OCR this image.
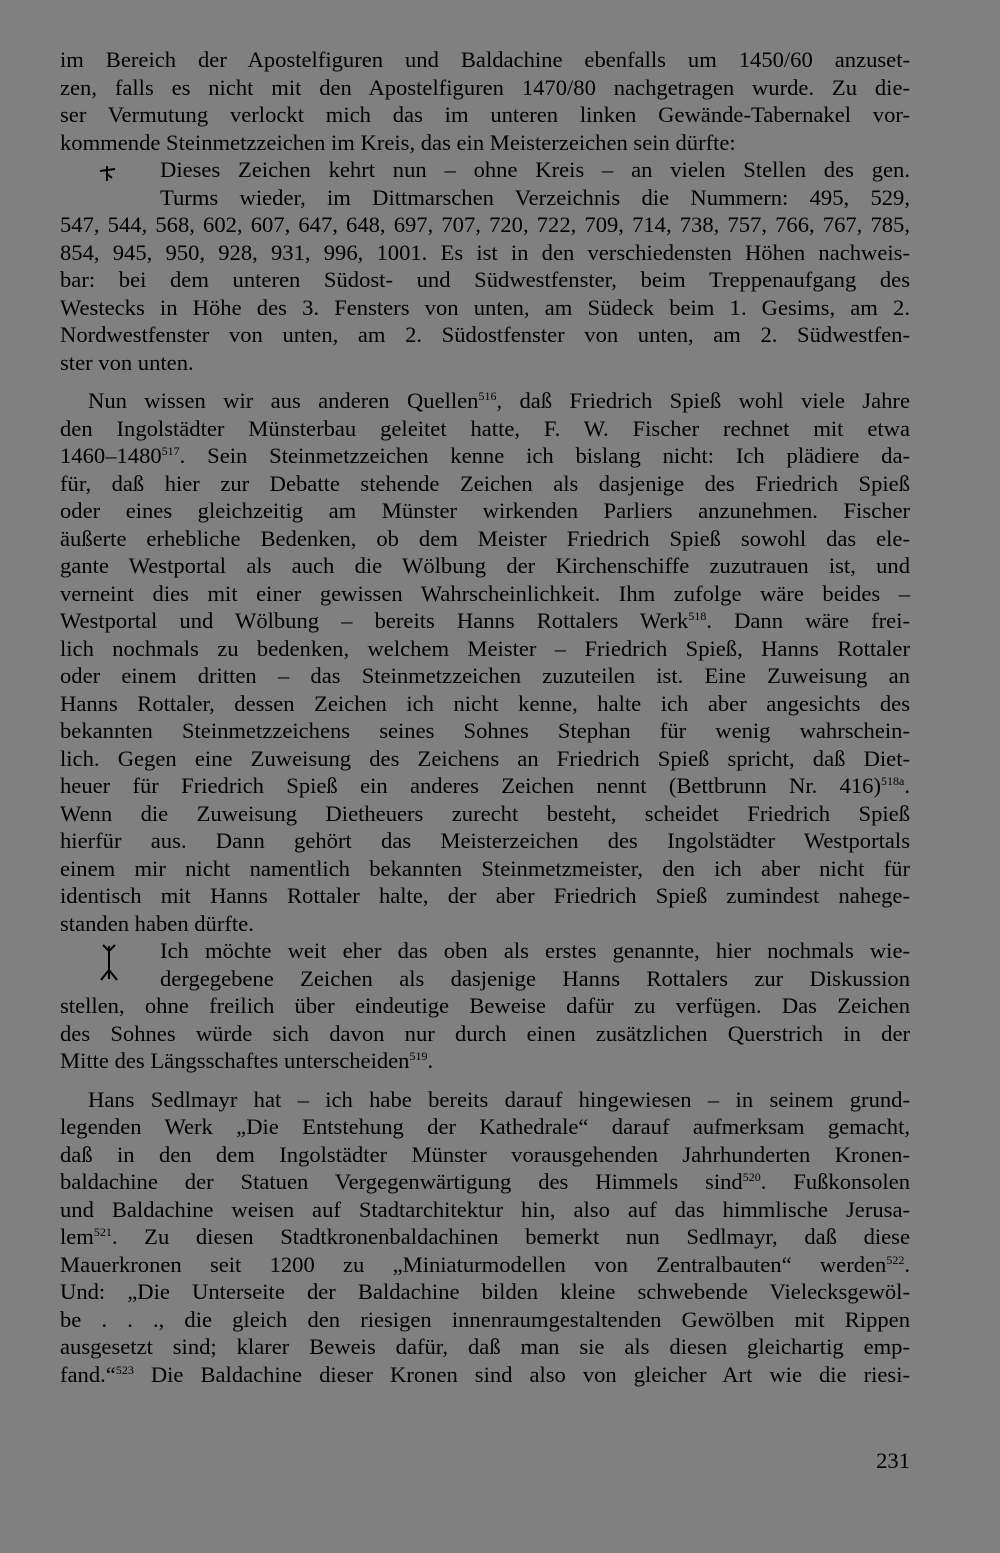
im Bereich der Apostelfiguren und Baldachine ebenfalls um 1450/60 anzuset-
zen, falls es nicht mit den Apostelfiguren 1470/80 nachgetragen wurde. Zu die-
ser Vermutung verlockt mich das im unteren linken Gewände-Tabernakel vor-
kommende Steinmetzzeichen im Kreis, das ein Meisterzeichen sein dürfte:
Dieses Zeichen kehrt nun – ohne Kreis – an vielen Stellen des gen.
Turms wieder, im Dittmarschen Verzeichnis die Nummern: 495, 529,
547, 544, 568, 602, 607, 647, 648, 697, 707, 720, 722, 709, 714, 738, 757, 766, 767, 785,
854, 945, 950, 928, 931, 996, 1001. Es ist in den verschiedensten Höhen nachweis-
bar: bei dem unteren Südost- und Südwestfenster, beim Treppenaufgang des
Westecks in Höhe des 3. Fensters von unten, am Südeck beim 1. Gesims, am 2.
Nordwestfenster von unten, am 2. Südostfenster von unten, am 2. Südwestfen-
ster von unten.
Nun wissen wir aus anderen Quellen$^{516}$, daß Friedrich Spieß wohl viele Jahre
den Ingolstädter Münsterbau geleitet hatte, F. W. Fischer rechnet mit etwa
1460–1480$^{517}$. Sein Steinmetzzeichen kenne ich bislang nicht: Ich plädiere da-
für, daß hier zur Debatte stehende Zeichen als dasjenige des Friedrich Spieß
oder eines gleichzeitig am Münster wirkenden Parliers anzunehmen. Fischer
äußerte erhebliche Bedenken, ob dem Meister Friedrich Spieß sowohl das ele-
gante Westportal als auch die Wölbung der Kirchenschiffe zuzutrauen ist, und
verneint dies mit einer gewissen Wahrscheinlichkeit. Ihm zufolge wäre beides –
Westportal und Wölbung – bereits Hanns Rottalers Werk$^{518}$. Dann wäre frei-
lich nochmals zu bedenken, welchem Meister – Friedrich Spieß, Hanns Rottaler
oder einem dritten – das Steinmetzzeichen zuzuteilen ist. Eine Zuweisung an
Hanns Rottaler, dessen Zeichen ich nicht kenne, halte ich aber angesichts des
bekannten Steinmetzzeichens seines Sohnes Stephan für wenig wahrschein-
lich. Gegen eine Zuweisung des Zeichens an Friedrich Spieß spricht, daß Diet-
heuer für Friedrich Spieß ein anderes Zeichen nennt (Bettbrunn Nr. 416)$^{518a}$.
Wenn die Zuweisung Dietheuers zurecht besteht, scheidet Friedrich Spieß
hierfür aus. Dann gehört das Meisterzeichen des Ingolstädter Westportals
einem mir nicht namentlich bekannten Steinmetzmeister, den ich aber nicht für
identisch mit Hanns Rottaler halte, der aber Friedrich Spieß zumindest nahege-
standen haben dürfte.
Ich möchte weit eher das oben als erstes genannte, hier nochmals wie-
dergegebene Zeichen als dasjenige Hanns Rottalers zur Diskussion
stellen, ohne freilich über eindeutige Beweise dafür zu verfügen. Das Zeichen
des Sohnes würde sich davon nur durch einen zusätzlichen Querstrich in der
Mitte des Längsschaftes unterscheiden$^{519}$.
Hans Sedlmayr hat – ich habe bereits darauf hingewiesen – in seinem grund-
legenden Werk „Die Entstehung der Kathedrale“ darauf aufmerksam gemacht,
daß in den dem Ingolstädter Münster vorausgehenden Jahrhunderten Kronen-
baldachine der Statuen Vergegenwärtigung des Himmels sind$^{520}$. Fußkonsolen
und Baldachine weisen auf Stadtarchitektur hin, also auf das himmlische Jerusa-
lem$^{521}$. Zu diesen Stadtkronenbaldachinen bemerkt nun Sedlmayr, daß diese
Mauerkronen seit 1200 zu „Miniaturmodellen von Zentralbauten“ werden$^{522}$.
Und: „Die Unterseite der Baldachine bilden kleine schwebende Vielecksgewöl-
be . . ., die gleich den riesigen innenraumgestaltenden Gewölben mit Rippen
ausgesetzt sind; klarer Beweis dafür, daß man sie als diesen gleichartig emp-
fand.“$^{523}$ Die Baldachine dieser Kronen sind also von gleicher Art wie die riesi-
231
